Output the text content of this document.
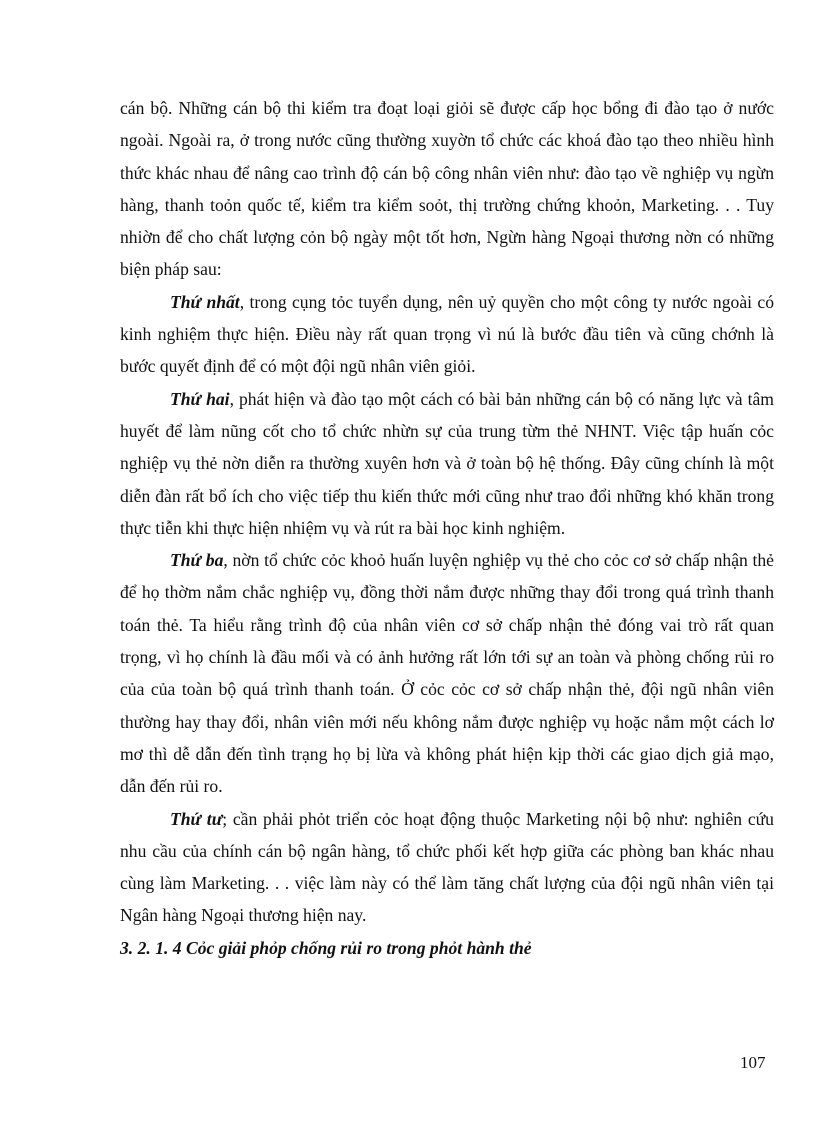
cán bộ. Những cán bộ thi kiểm tra đoạt loại giỏi sẽ được cấp học bổng đi đào tạo ở nước ngoài. Ngoài ra, ở trong nước cũng thường xuyờn tổ chức các khoá đào tạo theo nhiều hình thức khác nhau để nâng cao trình độ cán bộ công nhân viên như: đào tạo về nghiệp vụ ngừn hàng, thanh toỏn quốc tế, kiểm tra kiểm soỏt, thị trường chứng khoỏn, Marketing. . . Tuy nhiờn để cho chất lượng cỏn bộ ngày một tốt hơn, Ngừn hàng Ngoại thương nờn có những biện pháp sau:

Thứ nhất, trong cụng tỏc tuyển dụng, nên uỷ quyền cho một công ty nước ngoài có kinh nghiệm thực hiện. Điều này rất quan trọng vì nú là bước đầu tiên và cũng chớnh là bước quyết định để có một đội ngũ nhân viên giỏi.

Thứ hai, phát hiện và đào tạo một cách có bài bản những cán bộ có năng lực và tâm huyết để làm nũng cốt cho tổ chức nhừn sự của trung từm thẻ NHNT. Việc tập huấn cỏc nghiệp vụ thẻ nờn diễn ra thường xuyên hơn và ở toàn bộ hệ thống. Đây cũng chính là một diễn đàn rất bổ ích cho việc tiếp thu kiến thức mới cũng như trao đổi những khó khăn trong thực tiễn khi thực hiện nhiệm vụ và rút ra bài học kinh nghiệm.

Thứ ba, nờn tổ chức cỏc khoỏ huấn luyện nghiệp vụ thẻ cho cỏc cơ sở chấp nhận thẻ để họ thờm nắm chắc nghiệp vụ, đồng thời nắm được những thay đổi trong quá trình thanh toán thẻ. Ta hiểu rằng trình độ của nhân viên cơ sở chấp nhận thẻ đóng vai trò rất quan trọng, vì họ chính là đầu mối và có ảnh hưởng rất lớn tới sự an toàn và phòng chống rủi ro của của toàn bộ quá trình thanh toán. Ở cỏc cỏc cơ sở chấp nhận thẻ, đội ngũ nhân viên thường hay thay đổi, nhân viên mới nếu không nắm được nghiệp vụ hoặc nắm một cách lơ mơ thì dễ dẫn đến tình trạng họ bị lừa và không phát hiện kịp thời các giao dịch giả mạo, dẫn đến rủi ro.

Thứ tư; cần phải phỏt triển cỏc hoạt động thuộc Marketing nội bộ như: nghiên cứu nhu cầu của chính cán bộ ngân hàng, tổ chức phối kết hợp giữa các phòng ban khác nhau cùng làm Marketing. . . việc làm này có thể làm tăng chất lượng của đội ngũ nhân viên tại Ngân hàng Ngoại thương hiện nay.

3. 2. 1. 4 Cỏc giải phỏp chống rủi ro trong phỏt hành thẻ

107
